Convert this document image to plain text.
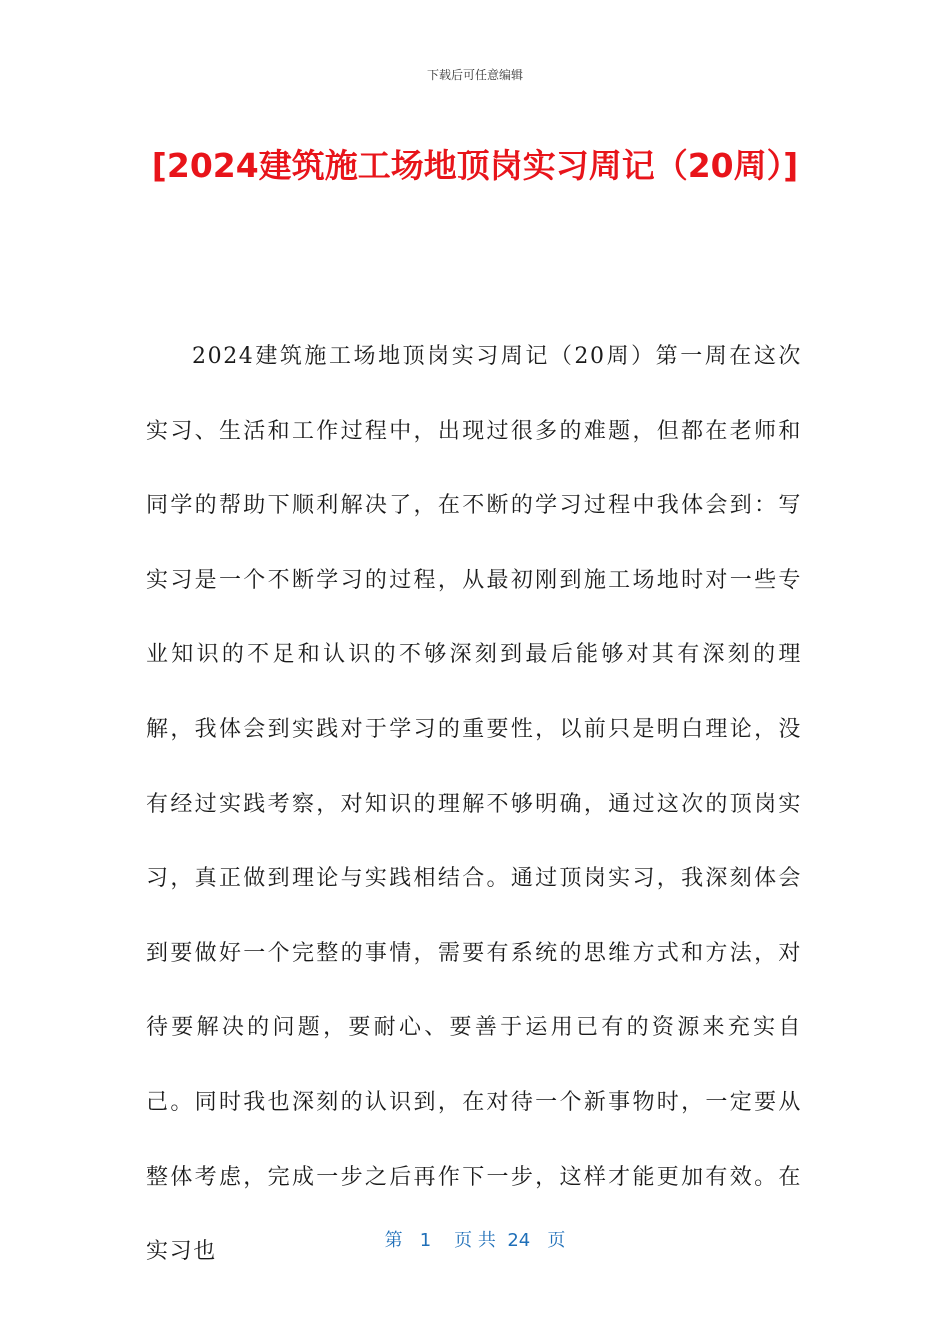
下载后可任意编辑
[2024建筑施工场地顶岗实习周记（20周）]

2024建筑施工场地顶岗实习周记（20周）第一周在这次实习、生活和工作过程中，出现过很多的难题，但都在老师和同学的帮助下顺利解决了，在不断的学习过程中我体会到：写实习是一个不断学习的过程，从最初刚到施工场地时对一些专业知识的不足和认识的不够深刻到最后能够对其有深刻的理解，我体会到实践对于学习的重要性，以前只是明白理论，没有经过实践考察，对知识的理解不够明确，通过这次的顶岗实习，真正做到理论与实践相结合。通过顶岗实习，我深刻体会到要做好一个完整的事情，需要有系统的思维方式和方法，对待要解决的问题，要耐心、要善于运用已有的资源来充实自己。同时我也深刻的认识到，在对待一个新事物时，一定要从整体考虑，完成一步之后再作下一步，这样才能更加有效。在实习也	第 1 页 共 24 页
